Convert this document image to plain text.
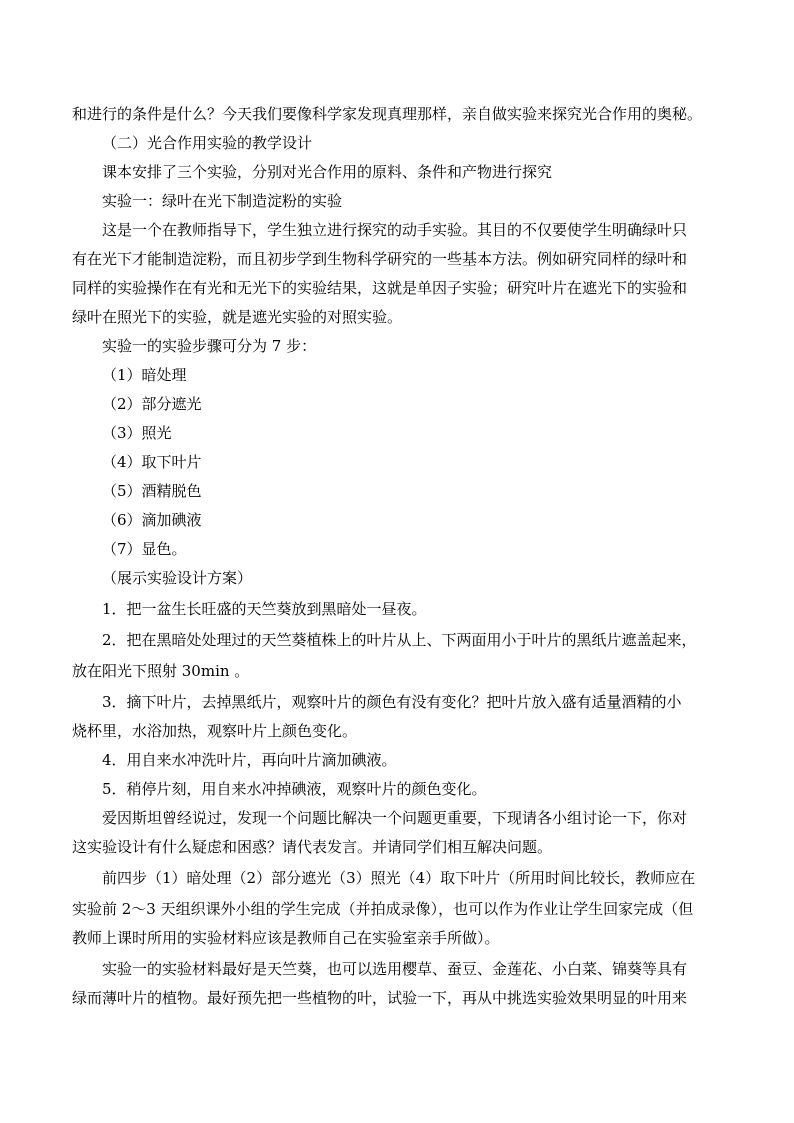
和进行的条件是什么？今天我们要像科学家发现真理那样，亲自做实验来探究光合作用的奥秘。
（二）光合作用实验的教学设计
课本安排了三个实验，分别对光合作用的原料、条件和产物进行探究
实验一：绿叶在光下制造淀粉的实验
这是一个在教师指导下，学生独立进行探究的动手实验。其目的不仅要使学生明确绿叶只
有在光下才能制造淀粉，而且初步学到生物科学研究的一些基本方法。例如研究同样的绿叶和
同样的实验操作在有光和无光下的实验结果，这就是单因子实验；研究叶片在遮光下的实验和
绿叶在照光下的实验，就是遮光实验的对照实验。
实验一的实验步骤可分为 7 步：
（1）暗处理
（2）部分遮光
（3）照光
（4）取下叶片
（5）酒精脱色
（6）滴加碘液
（7）显色。
（展示实验设计方案）
1．把一盆生长旺盛的天竺葵放到黑暗处一昼夜。
2．把在黑暗处处理过的天竺葵植株上的叶片从上、下两面用小于叶片的黑纸片遮盖起来，
放在阳光下照射 30min 。
3．摘下叶片，去掉黑纸片，观察叶片的颜色有没有变化？把叶片放入盛有适量酒精的小
烧杯里，水浴加热，观察叶片上颜色变化。
4．用自来水冲洗叶片，再向叶片滴加碘液。
5．稍停片刻，用自来水冲掉碘液，观察叶片的颜色变化。
爱因斯坦曾经说过，发现一个问题比解决一个问题更重要，下现请各小组讨论一下，你对
这实验设计有什么疑虑和困惑？请代表发言。并请同学们相互解决问题。
前四步（1）暗处理（2）部分遮光（3）照光（4）取下叶片（所用时间比较长，教师应在
实验前 2～3 天组织课外小组的学生完成（并拍成录像），也可以作为作业让学生回家完成（但
教师上课时所用的实验材料应该是教师自己在实验室亲手所做）。
实验一的实验材料最好是天竺葵，也可以选用樱草、蚕豆、金莲花、小白菜、锦葵等具有
绿而薄叶片的植物。最好预先把一些植物的叶，试验一下，再从中挑选实验效果明显的叶用来
